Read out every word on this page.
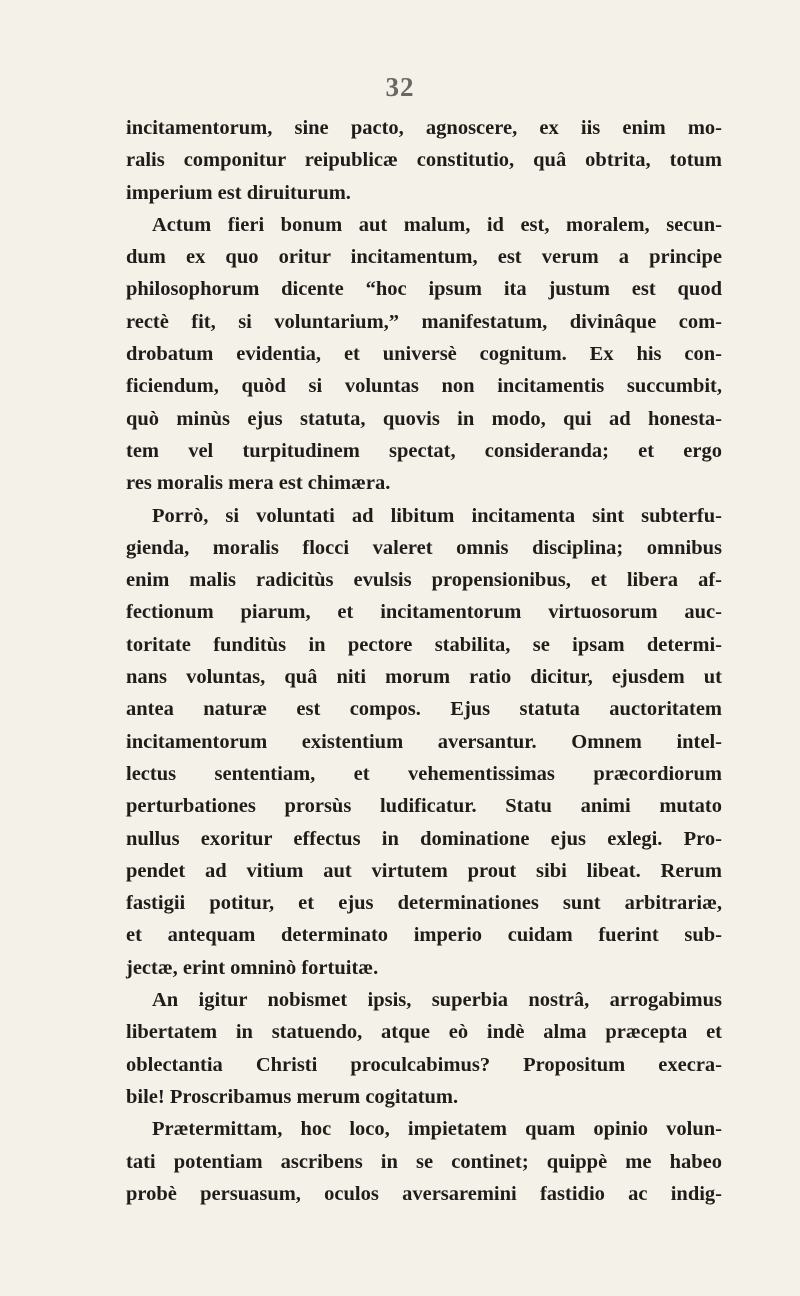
32
incitamentorum, sine pacto, agnoscere, ex iis enim mo-
ralis componitur reipublicæ constitutio, quâ obtrita, totum
imperium est diruiturum.
Actum fieri bonum aut malum, id est, moralem, secun-
dum ex quo oritur incitamentum, est verum a principe
philosophorum dicente “hoc ipsum ita justum est quod
rectè fit, si voluntarium,” manifestatum, divinâque com-
drobatum evidentia, et universè cognitum. Ex his con-
ficiendum, quòd si voluntas non incitamentis succumbit,
quò minùs ejus statuta, quovis in modo, qui ad honesta-
tem vel turpitudinem spectat, consideranda; et ergo
res moralis mera est chimæra.
Porrò, si voluntati ad libitum incitamenta sint subterfu-
gienda, moralis flocci valeret omnis disciplina; omnibus
enim malis radicitùs evulsis propensionibus, et libera af-
fectionum piarum, et incitamentorum virtuosorum auc-
toritate funditùs in pectore stabilita, se ipsam determi-
nans voluntas, quâ niti morum ratio dicitur, ejusdem ut
antea naturæ est compos. Ejus statuta auctoritatem
incitamentorum existentium aversantur. Omnem intel-
lectus sententiam, et vehementissimas præcordiorum
perturbationes prorsùs ludificatur. Statu animi mutato
nullus exoritur effectus in dominatione ejus exlegi. Pro-
pendet ad vitium aut virtutem prout sibi libeat. Rerum
fastigii potitur, et ejus determinationes sunt arbitrariæ,
et antequam determinato imperio cuidam fuerint sub-
jectæ, erint omninò fortuitæ.
An igitur nobismet ipsis, superbia nostrâ, arrogabimus
libertatem in statuendo, atque eò indè alma præcepta et
oblectantia Christi proculcabimus? Propositum execra-
bile! Proscribamus merum cogitatum.
Prætermittam, hoc loco, impietatem quam opinio volun-
tati potentiam ascribens in se continet; quippè me habeo
probè persuasum, oculos aversaremini fastidio ac indig-
